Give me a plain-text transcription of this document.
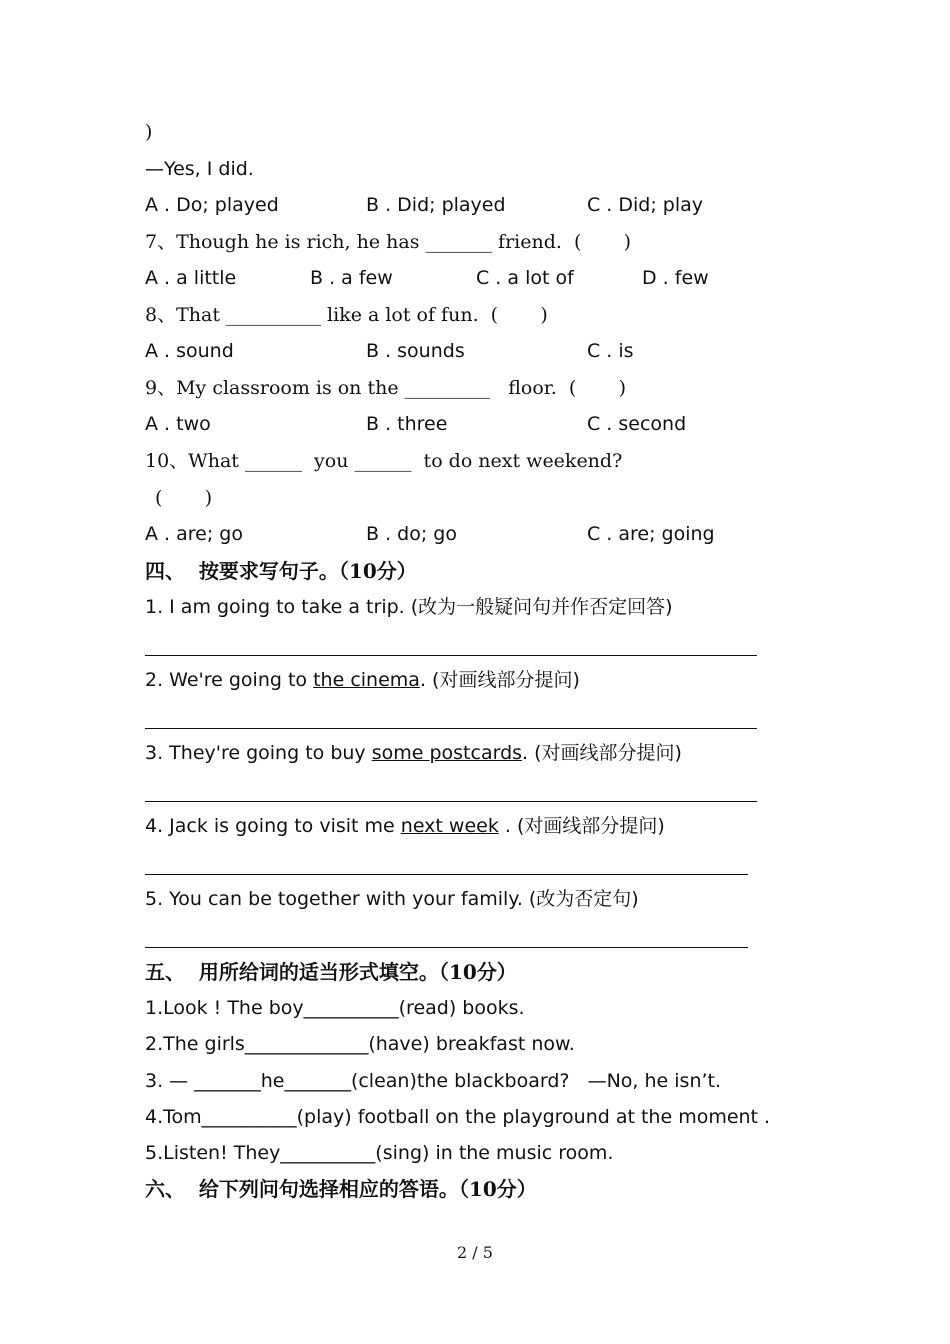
)
—Yes, I did.
A . Do; played	B . Did; played	C . Did; play
7、Though he is rich, he has _______ friend.  (       )
A . a little	B . a few	C . a lot of	D . few
8、That __________ like a lot of fun.  (       )
A . sound	B . sounds	C . is
9、My classroom is on the _________   floor.  (       )
A . two	B . three	C . second
10、What ______  you ______  to do next weekend?
(       )
A . are; go	B . do; go	C . are; going
四、  按要求写句子。（10分）
1. I am going to take a trip. (改为一般疑问句并作否定回答)
2. We're going to the cinema. (对画线部分提问)
3. They're going to buy some postcards. (对画线部分提问)
4. Jack is going to visit me next week . (对画线部分提问)
5. You can be together with your family. (改为否定句)
五、  用所给词的适当形式填空。（10分）
1.Look ! The boy__________(read) books.
2.The girls_____________(have) breakfast now.
3. — _______he_______(clean)the blackboard?   —No, he isn’t.
4.Tom__________(play) football on the playground at the moment .
5.Listen! They__________(sing) in the music room.
六、  给下列问句选择相应的答语。（10分）
2 / 5
